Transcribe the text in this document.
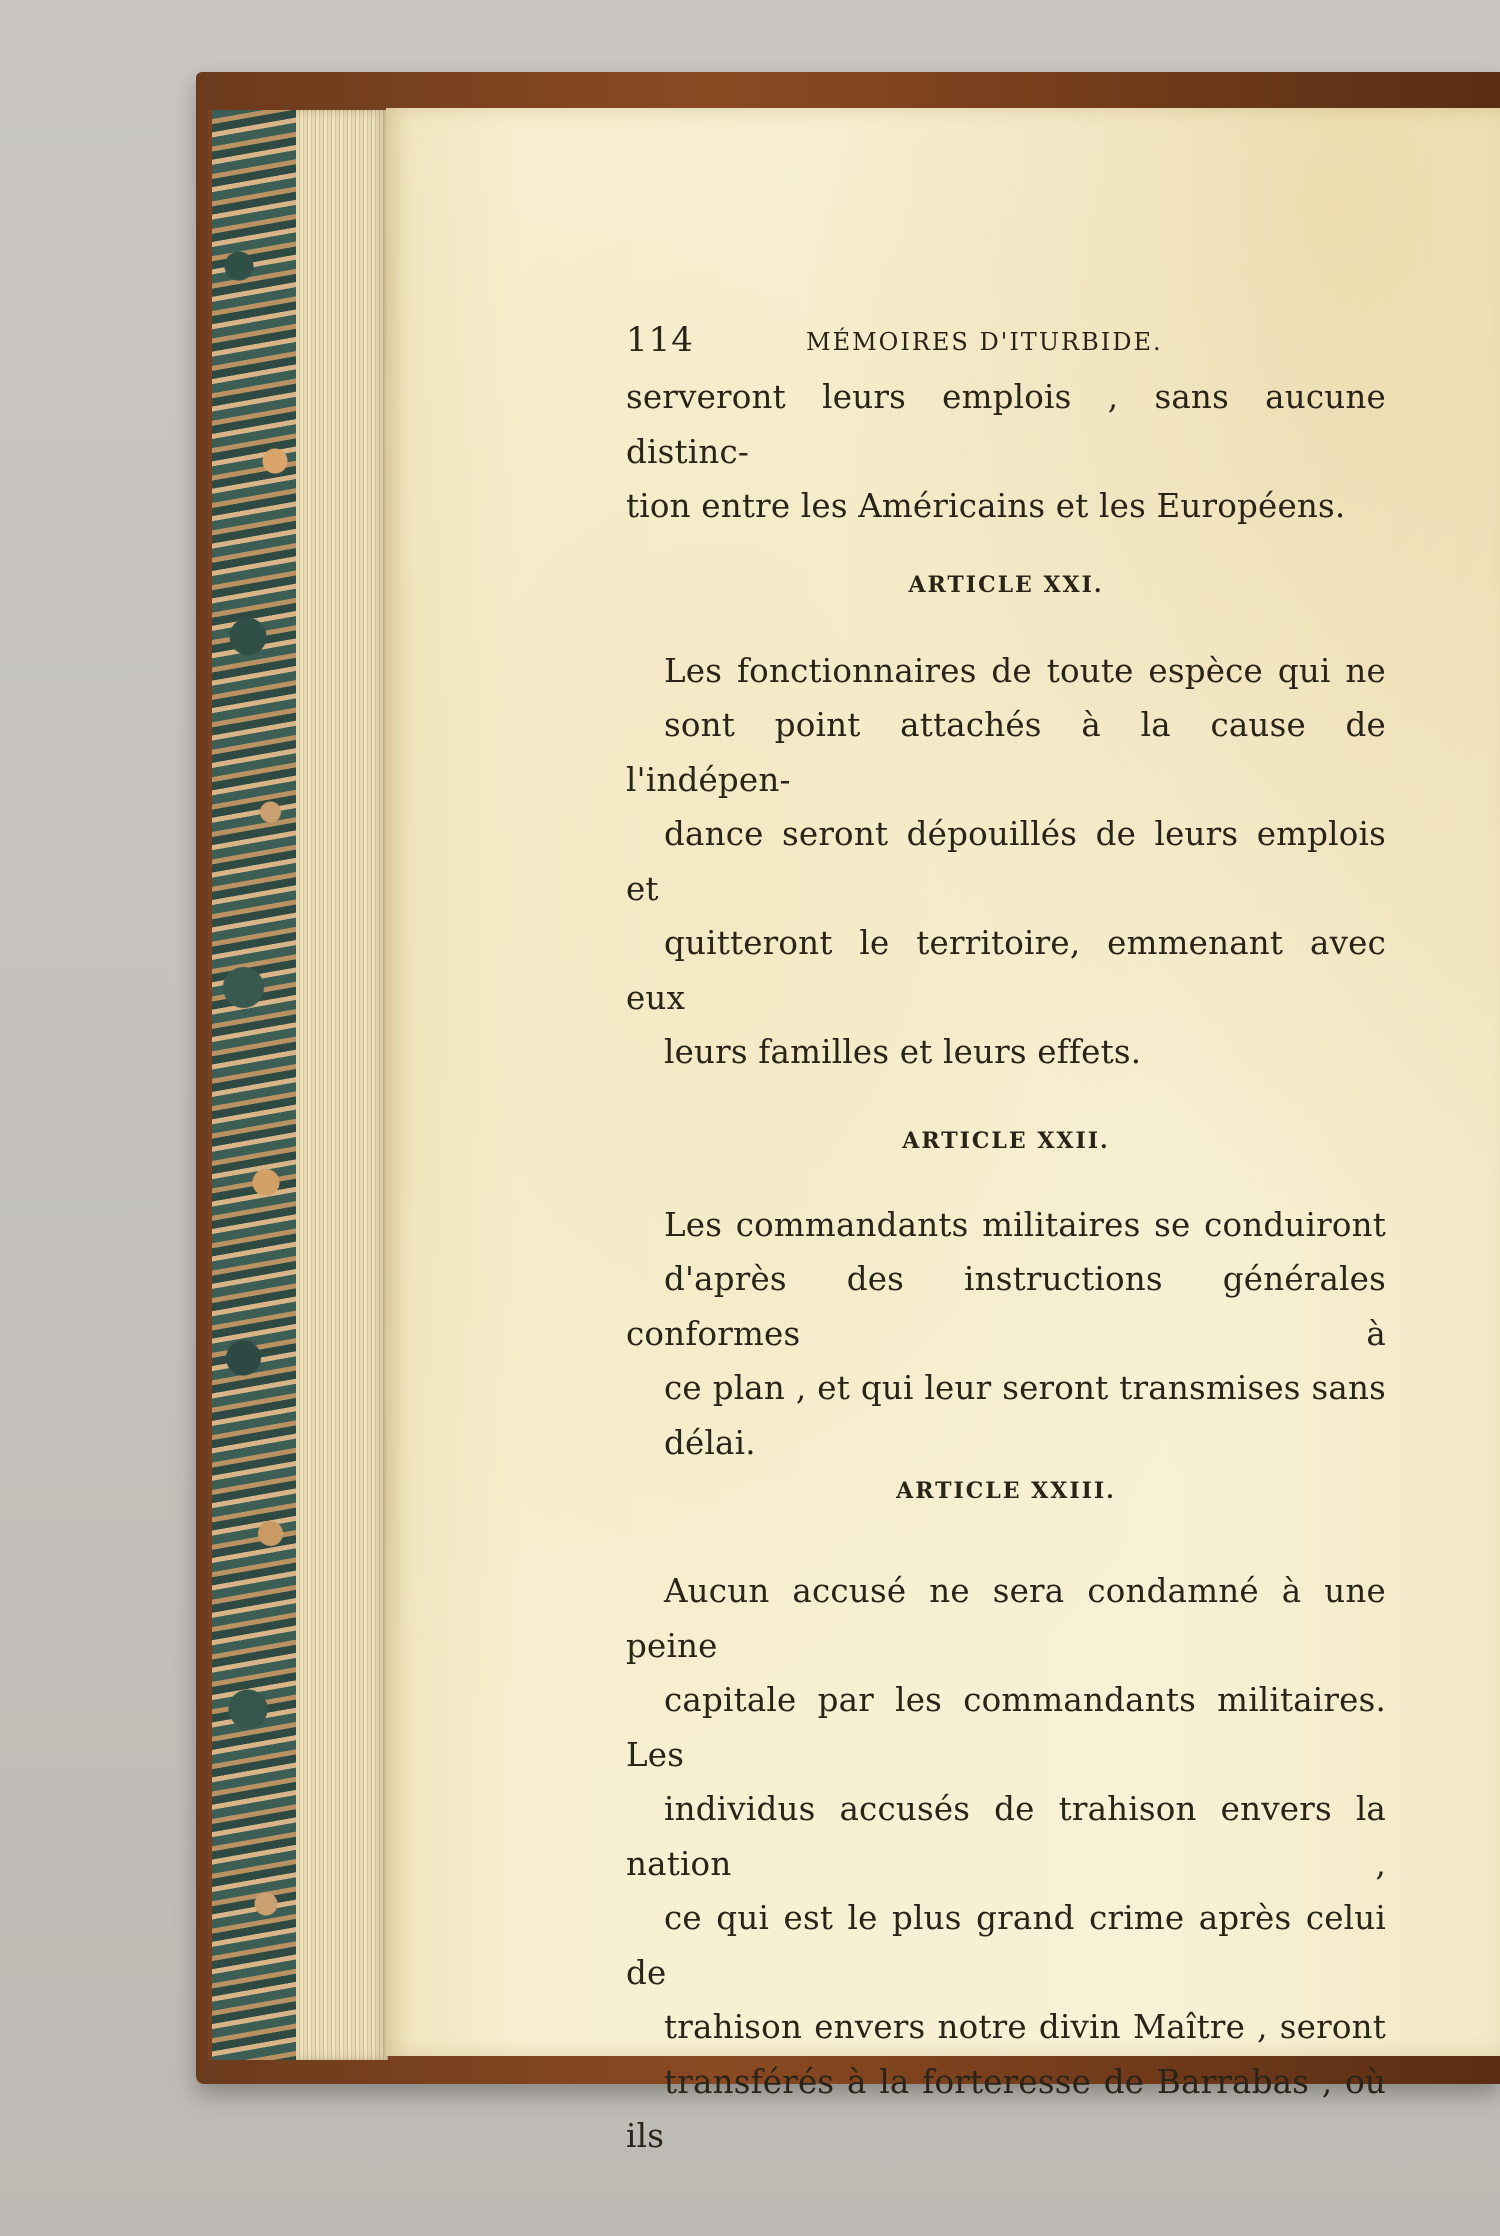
114	MÉMOIRES D'ITURBIDE.

serveront leurs emplois , sans aucune distinc-
tion entre les Américains et les Européens.

ARTICLE XXI.

Les fonctionnaires de toute espèce qui ne
sont point attachés à la cause de l'indépen-
dance seront dépouillés de leurs emplois et
quitteront le territoire, emmenant avec eux
leurs familles et leurs effets.

ARTICLE XXII.

Les commandants militaires se conduiront
d'après des instructions générales conformes à
ce plan , et qui leur seront transmises sans
délai.

ARTICLE XXIII.

Aucun accusé ne sera condamné à une peine
capitale par les commandants militaires. Les
individus accusés de trahison envers la nation ,
ce qui est le plus grand crime après celui de
trahison envers notre divin Maître , seront
transférés à la forteresse de Barrabas , où ils
